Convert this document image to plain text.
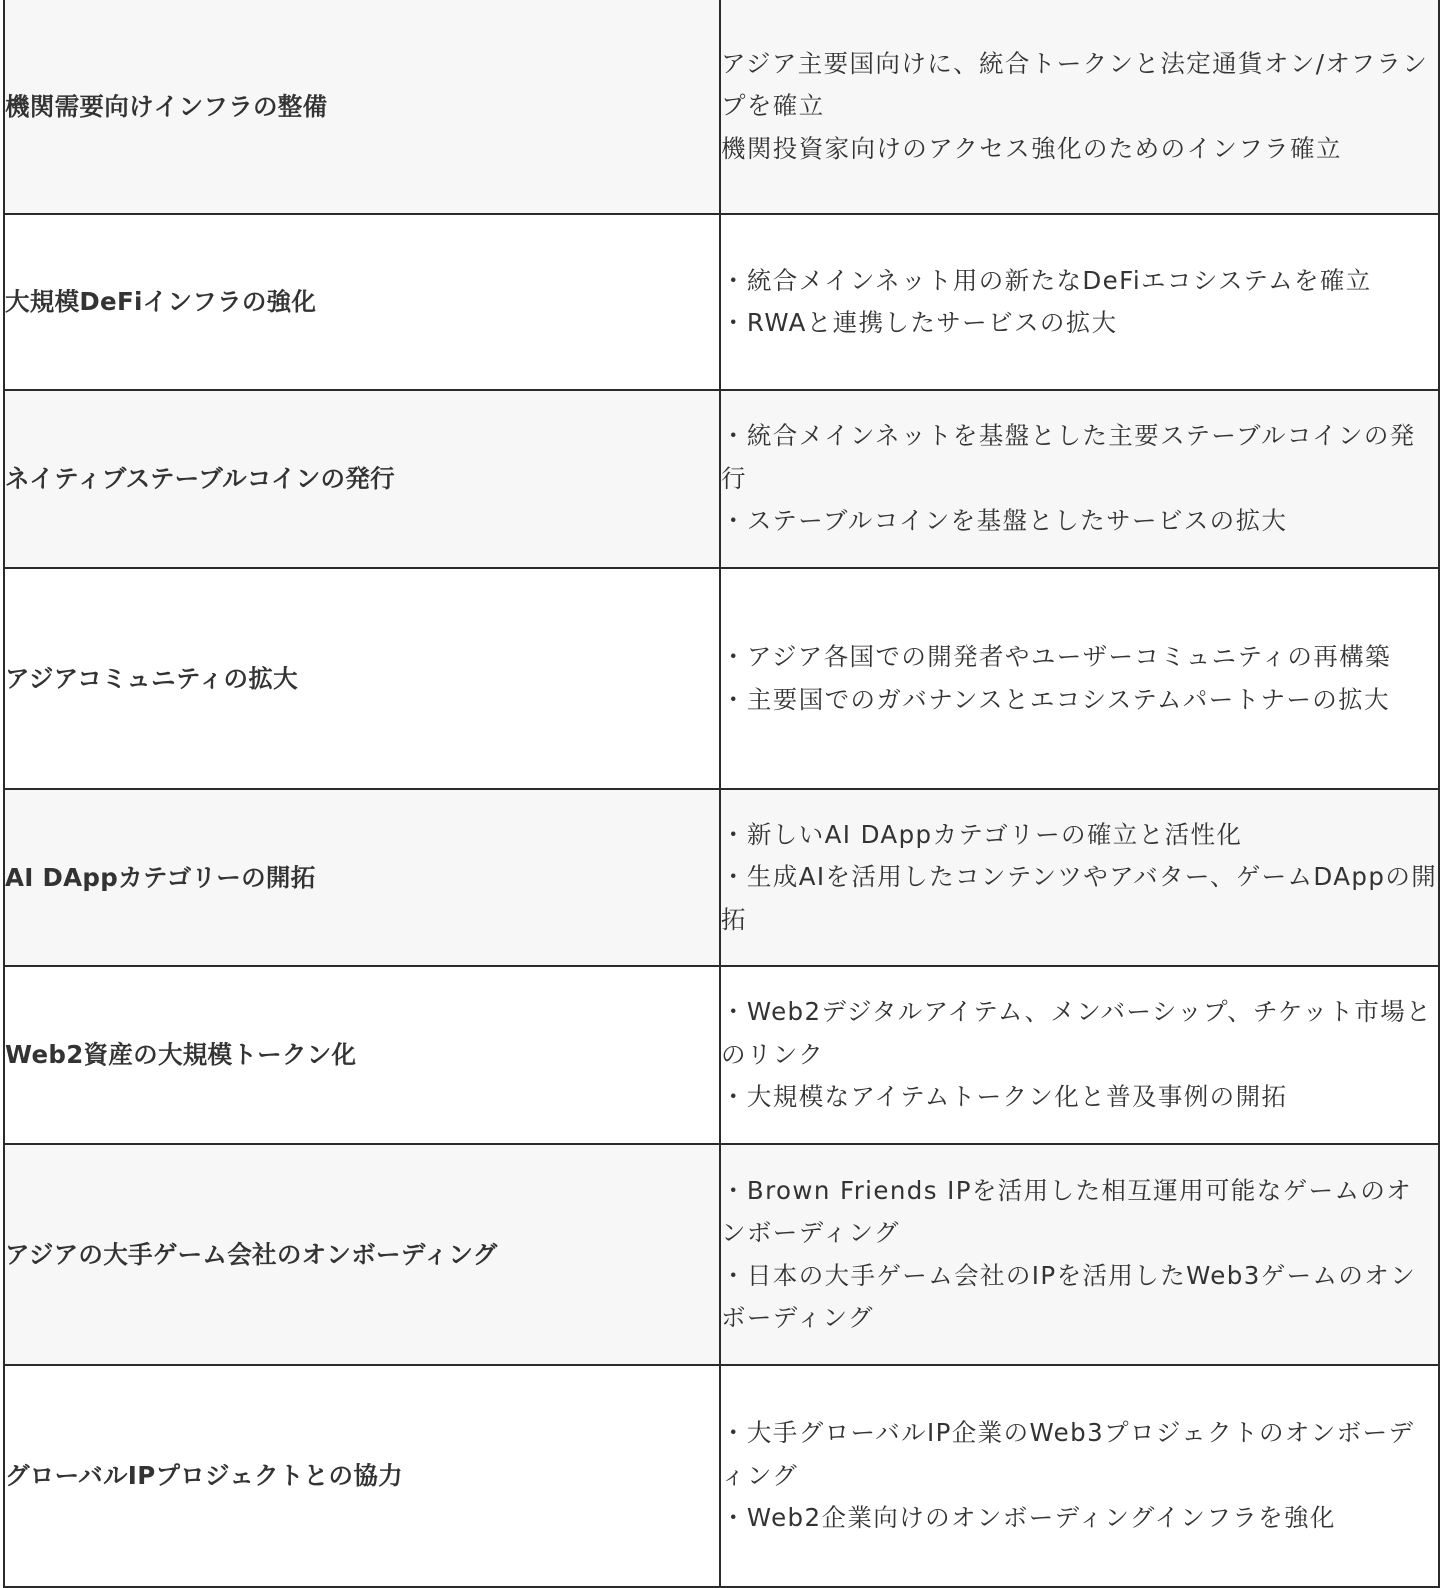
機関需要向けインフラの整備	アジア主要国向けに、統合トークンと法定通貨オン/オフランプを確立
機関投資家向けのアクセス強化のためのインフラ確立

大規模DeFiインフラの強化	・統合メインネット用の新たなDeFiエコシステムを確立
・RWAと連携したサービスの拡大

ネイティブステーブルコインの発行	・統合メインネットを基盤とした主要ステーブルコインの発行
・ステーブルコインを基盤としたサービスの拡大

アジアコミュニティの拡大	・アジア各国での開発者やユーザーコミュニティの再構築
・主要国でのガバナンスとエコシステムパートナーの拡大

AI DAppカテゴリーの開拓	・新しいAI DAppカテゴリーの確立と活性化
・生成AIを活用したコンテンツやアバター、ゲームDAppの開拓

Web2資産の大規模トークン化	・Web2デジタルアイテム、メンバーシップ、チケット市場とのリンク
・大規模なアイテムトークン化と普及事例の開拓

アジアの大手ゲーム会社のオンボーディング	・Brown Friends IPを活用した相互運用可能なゲームのオンボーディング
・日本の大手ゲーム会社のIPを活用したWeb3ゲームのオンボーディング

グローバルIPプロジェクトとの協力	・大手グローバルIP企業のWeb3プロジェクトのオンボーディング
・Web2企業向けのオンボーディングインフラを強化
